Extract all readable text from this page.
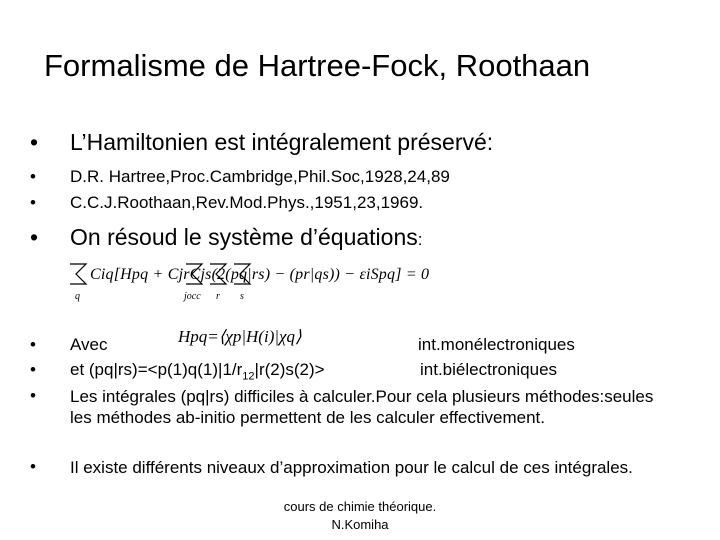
Formalisme de Hartree-Fock, Roothaan
• L’Hamiltonien est intégralement préservé:
• D.R. Hartree,Proc.Cambridge,Phil.Soc,1928,24,89
• C.C.J.Roothaan,Rev.Mod.Phys.,1951,23,1969.
• On résoud le système d’équations:
q	jocc r s
Ciq[Hpq + CjrCjs(2(pq|rs) − (pr|qs)) − εiSpq] = 0
• Avec	Hpq=⟨χp|H(i)|χq⟩	int.monélectroniques
• et $(pq|rs)=<p(1)q(1)|1/r_{12}|r(2)s(2)>$	int.biélectroniques
• Les intégrales (pq|rs) difficiles à calculer.Pour cela plusieurs méthodes:seules les méthodes ab-initio permettent de les calculer effectivement.
• Il existe différents niveaux d’approximation pour le calcul de ces intégrales.
cours de chimie théorique.
N.Komiha
